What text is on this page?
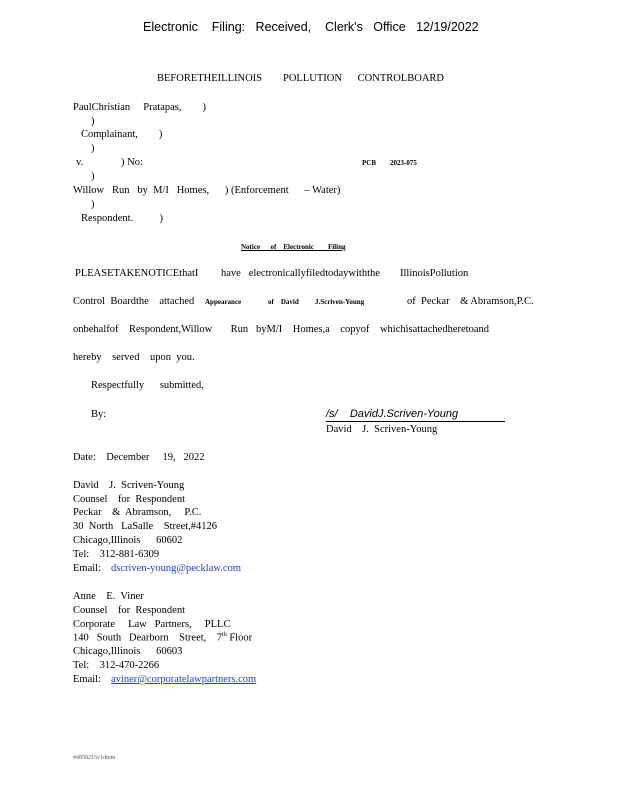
Electronic    Filing:   Received,    Clerk's   Office   12/19/2022
BEFORETHEILLINOIS        POLLUTION      CONTROLBOARD
PaulChristian     Pratapas,        )
)
Complainant,        )
)
v.	) No:	PCB 2023-075
)
Willow   Run   by  M/I   Homes,      ) (Enforcement      – Water)
)
Respondent.          )
Notice      of    Electronic        Filing
PLEASETAKENOTICEthatI have   electronicallyfiledtodaywiththe IllinoisPollution
Control  Boardthe    attached Appearance	of    David J.Scriven-Young	of  Peckar    & Abramson,P.C.
onbehalfof    Respondent,Willow       Run   byM/I    Homes,a    copyof    whichisattachedheretoand
hereby    served    upon  you.
Respectfully      submitted,
By:	/s/    DavidJ.Scriven-Young
David    J.  Scriven-Young
Date:    December     19,   2022
David    J.  Scriven-Young
Counsel    for  Respondent
Peckar    &  Abramson,     P.C.
30  North   LaSalle    Street,#4126
Chicago,Illinois      60602
Tel:    312-881-6309
Email: dscriven-young@pecklaw.com
Anne    E.  Viner
Counsel    for  Respondent
Corporate     Law   Partners,     PLLC
140   South   Dearborn    Street,    7th Floor
Chicago,Illinois      60603
Tel:    312-470-2266
Email: aviner@corporatelawpartners.com
#4858215v1dmm
